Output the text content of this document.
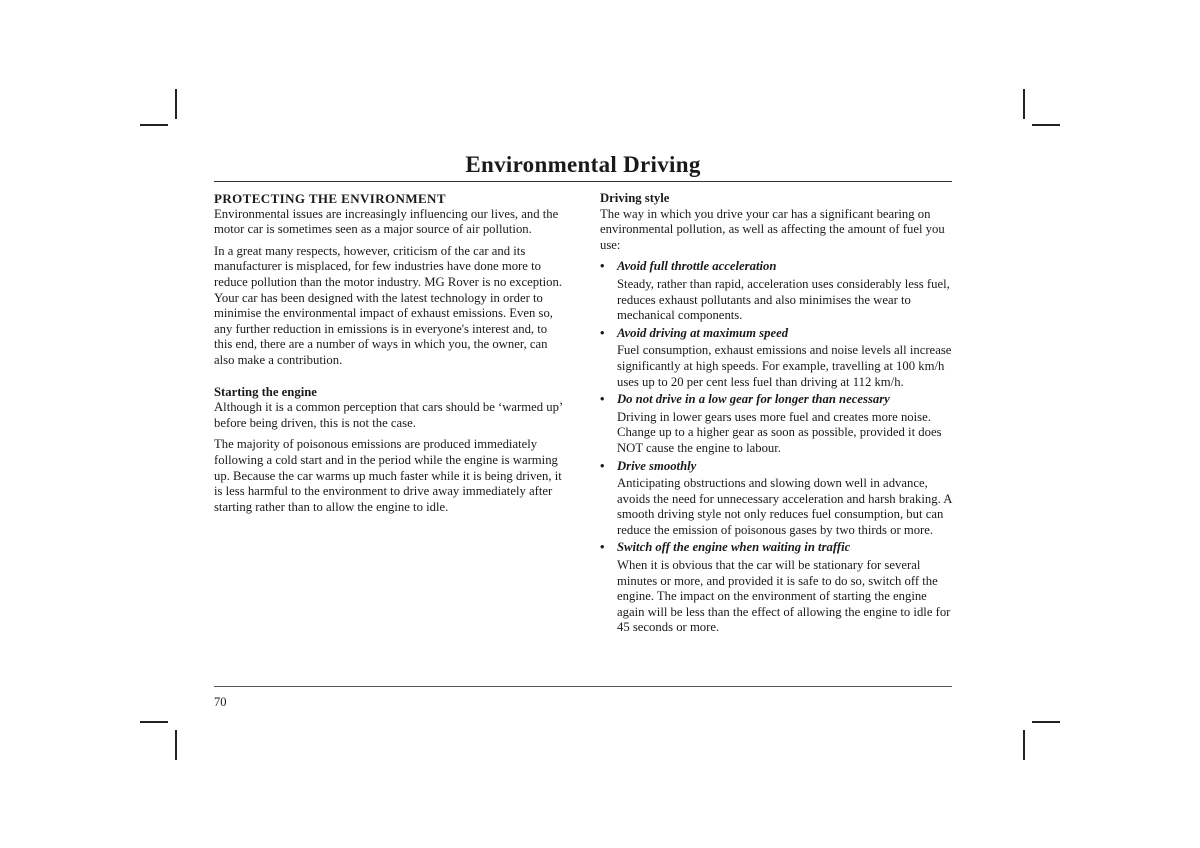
Environmental Driving
PROTECTING THE ENVIRONMENT

Environmental issues are increasingly influencing our lives, and the motor car is sometimes seen as a major source of air pollution.

In a great many respects, however, criticism of the car and its manufacturer is misplaced, for few industries have done more to reduce pollution than the motor industry. MG Rover is no exception. Your car has been designed with the latest technology in order to minimise the environmental impact of exhaust emissions. Even so, any further reduction in emissions is in everyone's interest and, to this end, there are a number of ways in which you, the owner, can also make a contribution.

Starting the engine

Although it is a common perception that cars should be ‘warmed up’ before being driven, this is not the case.

The majority of poisonous emissions are produced immediately following a cold start and in the period while the engine is warming up. Because the car warms up much faster while it is being driven, it is less harmful to the environment to drive away immediately after starting rather than to allow the engine to idle.

Driving style

The way in which you drive your car has a significant bearing on environmental pollution, as well as affecting the amount of fuel you use:

• Avoid full throttle acceleration
Steady, rather than rapid, acceleration uses considerably less fuel, reduces exhaust pollutants and also minimises the wear to mechanical components.
• Avoid driving at maximum speed
Fuel consumption, exhaust emissions and noise levels all increase significantly at high speeds. For example, travelling at 100 km/h uses up to 20 per cent less fuel than driving at 112 km/h.
• Do not drive in a low gear for longer than necessary
Driving in lower gears uses more fuel and creates more noise. Change up to a higher gear as soon as possible, provided it does NOT cause the engine to labour.
• Drive smoothly
Anticipating obstructions and slowing down well in advance, avoids the need for unnecessary acceleration and harsh braking. A smooth driving style not only reduces fuel consumption, but can reduce the emission of poisonous gases by two thirds or more.
• Switch off the engine when waiting in traffic
When it is obvious that the car will be stationary for several minutes or more, and provided it is safe to do so, switch off the engine. The impact on the environment of starting the engine again will be less than the effect of allowing the engine to idle for 45 seconds or more.
70
